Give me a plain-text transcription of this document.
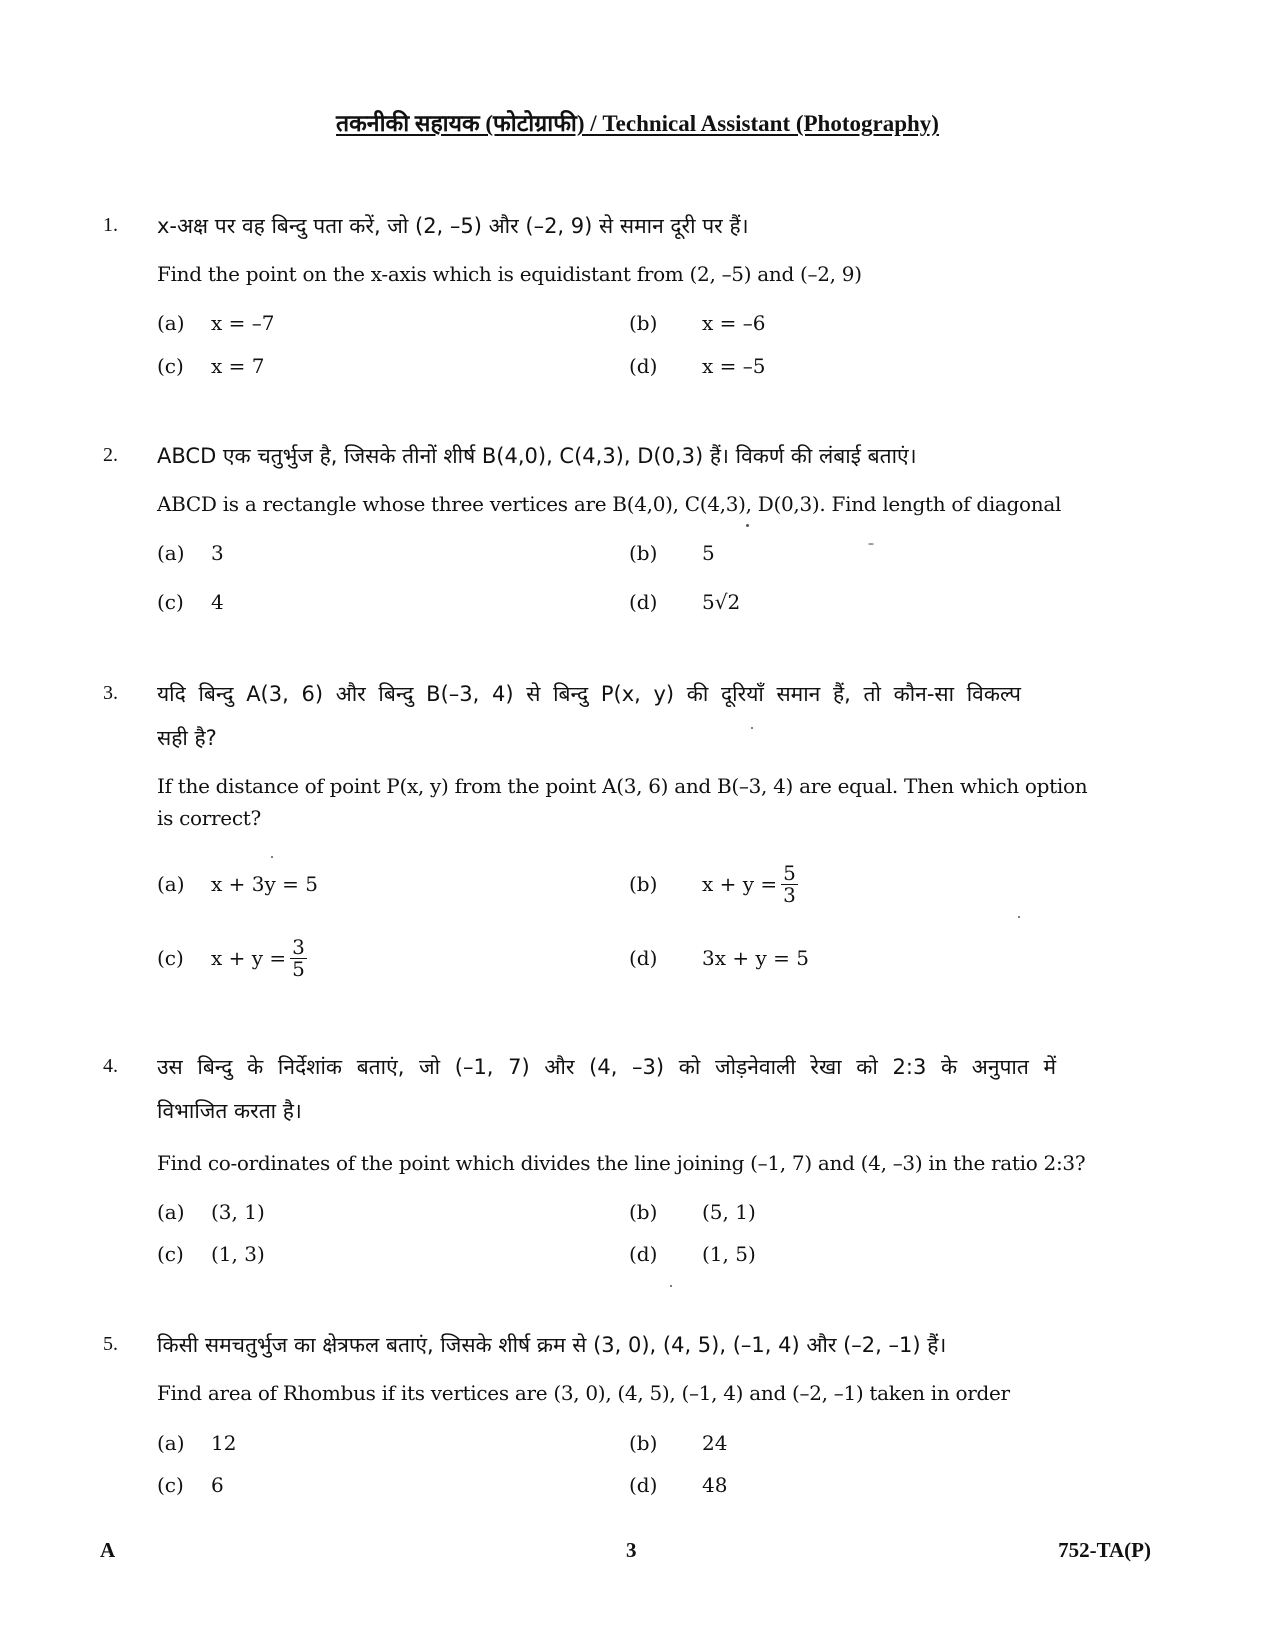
तकनीकी सहायक (फोटोग्राफी) / Technical Assistant (Photography)
1. x-अक्ष पर वह बिन्दु पता करें, जो (2, –5) और (–2, 9) से समान दूरी पर हैं।
Find the point on the x-axis which is equidistant from (2, –5) and (–2, 9)
(a) x = –7	(b) x = –6
(c) x = 7	(d) x = –5
2. ABCD एक चतुर्भुज है, जिसके तीनों शीर्ष B(4,0), C(4,3), D(0,3) हैं। विकर्ण की लंबाई बताएं।
ABCD is a rectangle whose three vertices are B(4,0), C(4,3), D(0,3). Find length of diagonal
(a) 3	(b) 5
(c) 4	(d) 5√2
3. यदि बिन्दु A(3, 6) और बिन्दु B(–3, 4) से बिन्दु P(x, y) की दूरियाँ समान हैं, तो कौन-सा विकल्प
सही है?
If the distance of point P(x, y) from the point A(3, 6) and B(–3, 4) are equal. Then which option
is correct?
(a) x + 3y = 5	(b) $x + y = \frac{5}{3}$
(c) $x + y = \frac{3}{5}$	(d) 3x + y = 5
4. उस बिन्दु के निर्देशांक बताएं, जो (–1, 7) और (4, –3) को जोड़नेवाली रेखा को 2:3 के अनुपात में
विभाजित करता है।
Find co-ordinates of the point which divides the line joining (–1, 7) and (4, –3) in the ratio 2:3?
(a) (3, 1)	(b) (5, 1)
(c) (1, 3)	(d) (1, 5)
5. किसी समचतुर्भुज का क्षेत्रफल बताएं, जिसके शीर्ष क्रम से (3, 0), (4, 5), (–1, 4) और (–2, –1) हैं।
Find area of Rhombus if its vertices are (3, 0), (4, 5), (–1, 4) and (–2, –1) taken in order
(a) 12	(b) 24
(c) 6	(d) 48
A	3	752-TA(P)
